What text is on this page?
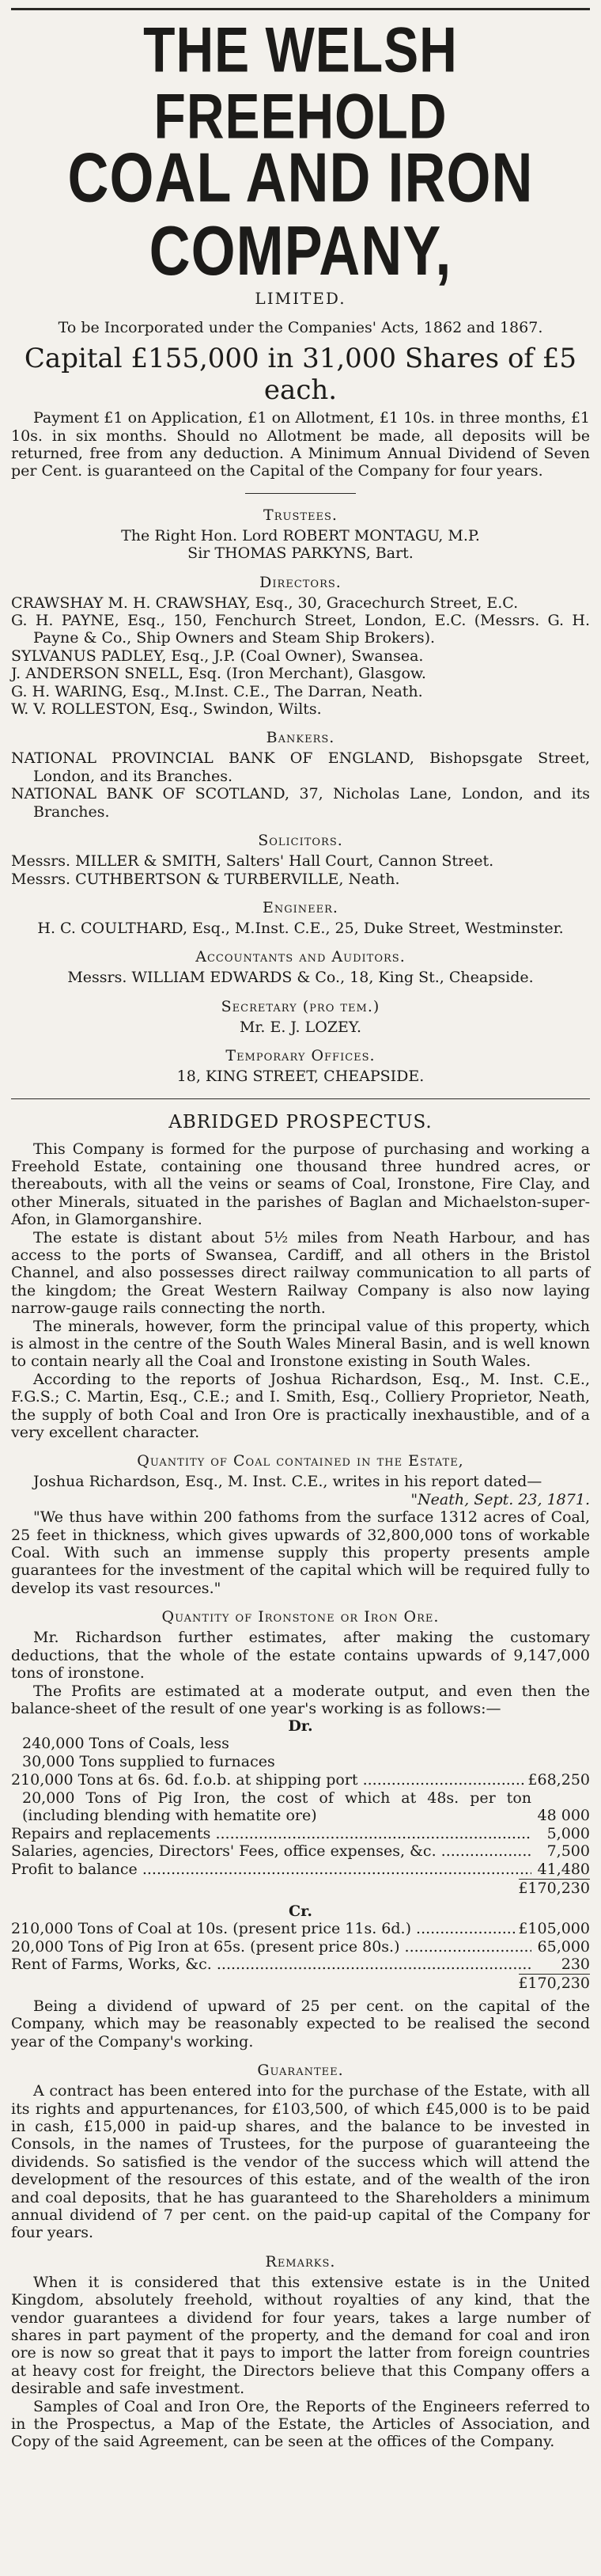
THE WELSH FREEHOLD
COAL AND IRON COMPANY,
LIMITED.
To be Incorporated under the Companies' Acts, 1862 and 1867.
Capital £155,000 in 31,000 Shares of £5 each.
Payment £1 on Application, £1 on Allotment, £1 10s. in three months, £1 10s. in six months. Should no Allotment be made, all deposits will be returned, free from any deduction. A Minimum Annual Dividend of Seven per Cent. is guaranteed on the Capital of the Company for four years.
Trustees.
The Right Hon. Lord ROBERT MONTAGU, M.P.
Sir THOMAS PARKYNS, Bart.
Directors.
CRAWSHAY M. H. CRAWSHAY, Esq., 30, Gracechurch Street, E.C.
G. H. PAYNE, Esq., 150, Fenchurch Street, London, E.C. (Messrs. G. H. Payne & Co., Ship Owners and Steam Ship Brokers).
SYLVANUS PADLEY, Esq., J.P. (Coal Owner), Swansea.
J. ANDERSON SNELL, Esq. (Iron Merchant), Glasgow.
G. H. WARING, Esq., M.Inst. C.E., The Darran, Neath.
W. V. ROLLESTON, Esq., Swindon, Wilts.
Bankers.
NATIONAL PROVINCIAL BANK OF ENGLAND, Bishopsgate Street, London, and its Branches.
NATIONAL BANK OF SCOTLAND, 37, Nicholas Lane, London, and its Branches.
Solicitors.
Messrs. MILLER & SMITH, Salters' Hall Court, Cannon Street.
Messrs. CUTHBERTSON & TURBERVILLE, Neath.
Engineer.
H. C. COULTHARD, Esq., M.Inst. C.E., 25, Duke Street, Westminster.
Accountants and Auditors.
Messrs. WILLIAM EDWARDS & Co., 18, King St., Cheapside.
Secretary (pro tem.)
Mr. E. J. LOZEY.
Temporary Offices.
18, KING STREET, CHEAPSIDE.
ABRIDGED PROSPECTUS.
This Company is formed for the purpose of purchasing and working a Freehold Estate, containing one thousand three hundred acres, or thereabouts, with all the veins or seams of Coal, Ironstone, Fire Clay, and other Minerals, situated in the parishes of Baglan and Michaelston-super-Afon, in Glamorganshire.
The estate is distant about 5½ miles from Neath Harbour, and has access to the ports of Swansea, Cardiff, and all others in the Bristol Channel, and also possesses direct railway communication to all parts of the kingdom; the Great Western Railway Company is also now laying narrow-gauge rails connecting the north.
The minerals, however, form the principal value of this property, which is almost in the centre of the South Wales Mineral Basin, and is well known to contain nearly all the Coal and Ironstone existing in South Wales.
According to the reports of Joshua Richardson, Esq., M. Inst. C.E., F.G.S.; C. Martin, Esq., C.E.; and I. Smith, Esq., Colliery Proprietor, Neath, the supply of both Coal and Iron Ore is practically inexhaustible, and of a very excellent character.
Quantity of Coal contained in the Estate,
Joshua Richardson, Esq., M. Inst. C.E., writes in his report dated—
"Neath, Sept. 23, 1871.
"We thus have within 200 fathoms from the surface 1312 acres of Coal, 25 feet in thickness, which gives upwards of 32,800,000 tons of workable Coal. With such an immense supply this property presents ample guarantees for the investment of the capital which will be required fully to develop its vast resources."
Quantity of Ironstone or Iron Ore.
Mr. Richardson further estimates, after making the customary deductions, that the whole of the estate contains upwards of 9,147,000 tons of ironstone.
The Profits are estimated at a moderate output, and even then the balance-sheet of the result of one year's working is as follows:—
Dr.
240,000 Tons of Coals, less
30,000 Tons supplied to furnaces
210,000 Tons at 6s. 6d. f.o.b. at shipping port .....	£68,250
20,000 Tons of Pig Iron, the cost of which at 48s. per ton (including blending with hematite ore)	48 000
Repairs and replacements .....	5,000
Salaries, agencies, Directors' Fees, office expenses, &c. .....	7,500
Profit to balance .....	41,480
£170,230
Cr.
210,000 Tons of Coal at 10s. (present price 11s. 6d.) .....	£105,000
20,000 Tons of Pig Iron at 65s. (present price 80s.) .....	65,000
Rent of Farms, Works, &c. .....	230
£170,230
Being a dividend of upward of 25 per cent. on the capital of the Company, which may be reasonably expected to be realised the second year of the Company's working.
Guarantee.
A contract has been entered into for the purchase of the Estate, with all its rights and appurtenances, for £103,500, of which £45,000 is to be paid in cash, £15,000 in paid-up shares, and the balance to be invested in Consols, in the names of Trustees, for the purpose of guaranteeing the dividends. So satisfied is the vendor of the success which will attend the development of the resources of this estate, and of the wealth of the iron and coal deposits, that he has guaranteed to the Shareholders a minimum annual dividend of 7 per cent. on the paid-up capital of the Company for four years.
Remarks.
When it is considered that this extensive estate is in the United Kingdom, absolutely freehold, without royalties of any kind, that the vendor guarantees a dividend for four years, takes a large number of shares in part payment of the property, and the demand for coal and iron ore is now so great that it pays to import the latter from foreign countries at heavy cost for freight, the Directors believe that this Company offers a desirable and safe investment.
Samples of Coal and Iron Ore, the Reports of the Engineers referred to in the Prospectus, a Map of the Estate, the Articles of Association, and Copy of the said Agreement, can be seen at the offices of the Company.
